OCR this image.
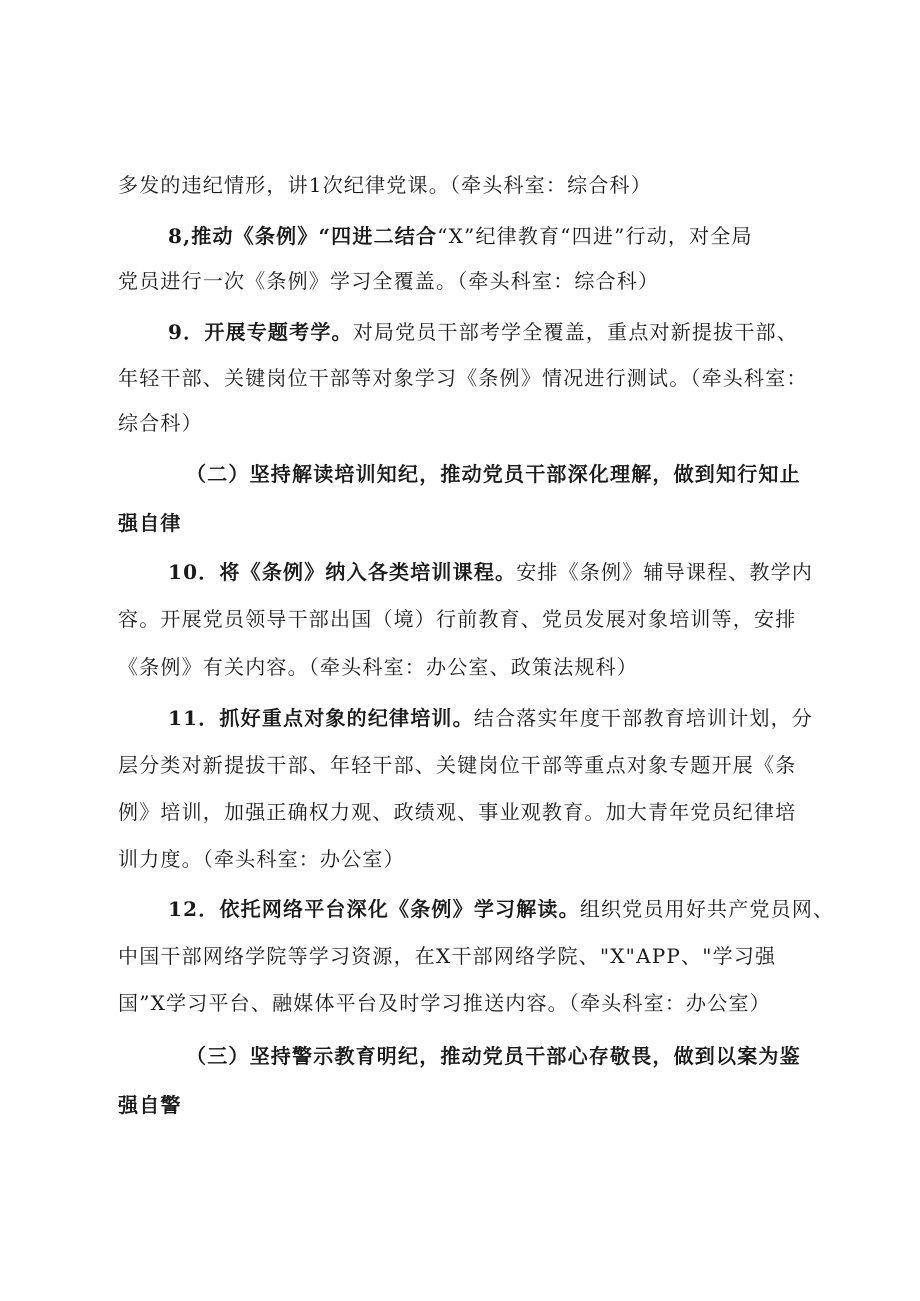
多发的违纪情形，讲1次纪律党课。（牵头科室：综合科）
8,推动《条例》“四进二结合“X”纪律教育“四进”行动，对全局
党员进行一次《条例》学习全覆盖。（牵头科室：综合科）
9．开展专题考学。对局党员干部考学全覆盖，重点对新提拔干部、
年轻干部、关键岗位干部等对象学习《条例》情况进行测试。（牵头科室：
综合科）
（二）坚持解读培训知纪，推动党员干部深化理解，做到知行知止
强自律
10．将《条例》纳入各类培训课程。安排《条例》辅导课程、教学内
容。开展党员领导干部出国（境）行前教育、党员发展对象培训等，安排
《条例》有关内容。（牵头科室：办公室、政策法规科）
11．抓好重点对象的纪律培训。结合落实年度干部教育培训计划，分
层分类对新提拔干部、年轻干部、关键岗位干部等重点对象专题开展《条
例》培训，加强正确权力观、政绩观、事业观教育。加大青年党员纪律培
训力度。（牵头科室：办公室）
12．依托网络平台深化《条例》学习解读。组织党员用好共产党员网、
中国干部网络学院等学习资源，在X干部网络学院、"X"APP、"学习强
国”X学习平台、融媒体平台及时学习推送内容。（牵头科室：办公室）
（三）坚持警示教育明纪，推动党员干部心存敬畏，做到以案为鉴
强自警
